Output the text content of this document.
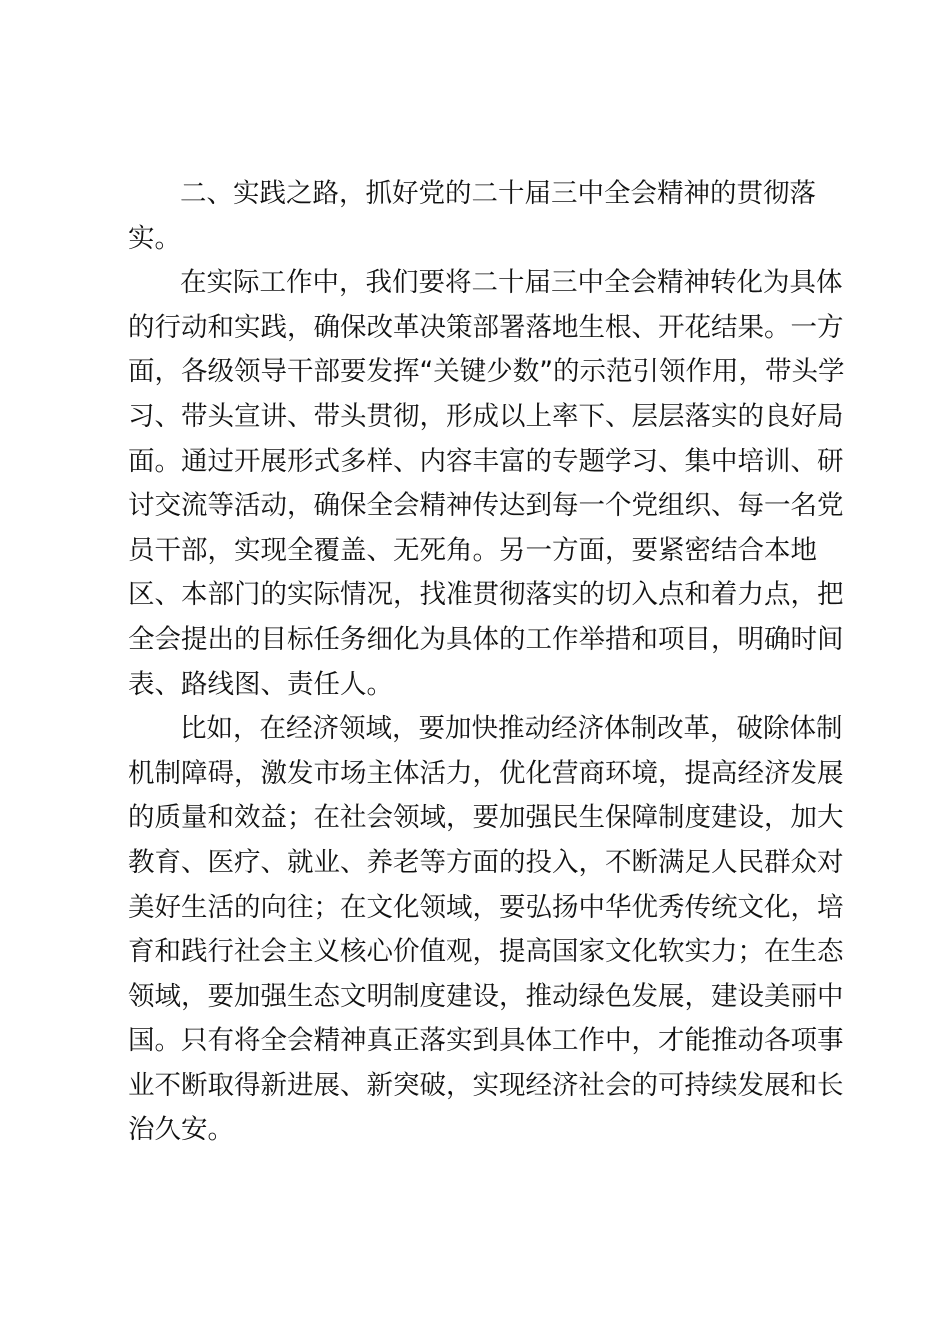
二、实践之路，抓好党的二十届三中全会精神的贯彻落
实。
在实际工作中，我们要将二十届三中全会精神转化为具体
的行动和实践，确保改革决策部署落地生根、开花结果。一方
面，各级领导干部要发挥“关键少数”的示范引领作用，带头学
习、带头宣讲、带头贯彻，形成以上率下、层层落实的良好局
面。通过开展形式多样、内容丰富的专题学习、集中培训、研
讨交流等活动，确保全会精神传达到每一个党组织、每一名党
员干部，实现全覆盖、无死角。另一方面，要紧密结合本地
区、本部门的实际情况，找准贯彻落实的切入点和着力点，把
全会提出的目标任务细化为具体的工作举措和项目，明确时间
表、路线图、责任人。
比如，在经济领域，要加快推动经济体制改革，破除体制
机制障碍，激发市场主体活力，优化营商环境，提高经济发展
的质量和效益；在社会领域，要加强民生保障制度建设，加大
教育、医疗、就业、养老等方面的投入，不断满足人民群众对
美好生活的向往；在文化领域，要弘扬中华优秀传统文化，培
育和践行社会主义核心价值观，提高国家文化软实力；在生态
领域，要加强生态文明制度建设，推动绿色发展，建设美丽中
国。只有将全会精神真正落实到具体工作中，才能推动各项事
业不断取得新进展、新突破，实现经济社会的可持续发展和长
治久安。
